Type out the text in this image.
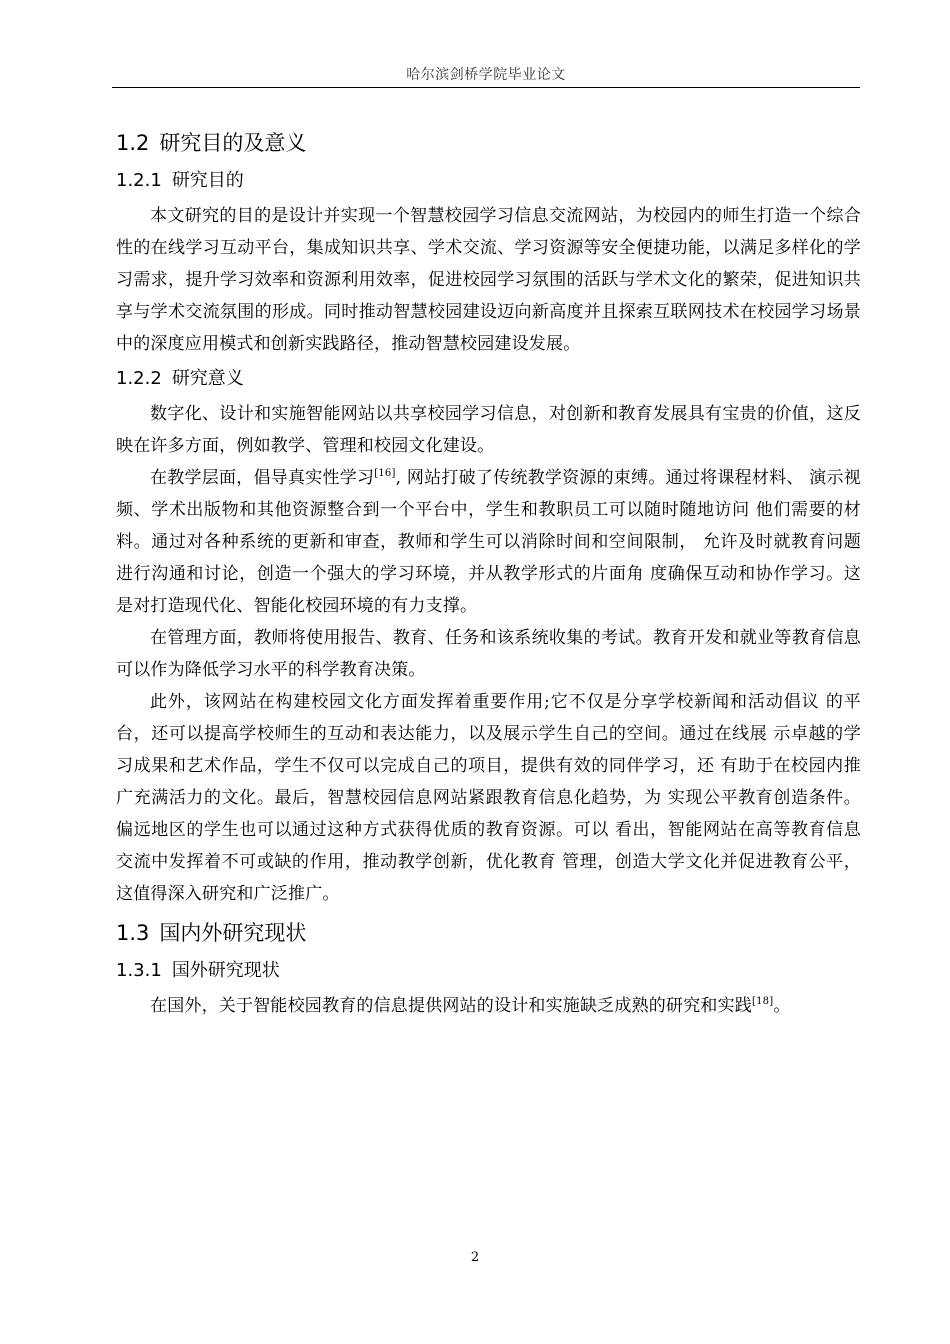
哈尔滨剑桥学院毕业论文
1.2 研究目的及意义
1.2.1 研究目的

本文研究的目的是设计并实现一个智慧校园学习信息交流网站，为校园内的师生打造一个综合性的在线学习互动平台，集成知识共享、学术交流、学习资源等安全便捷功能，以满足多样化的学习需求，提升学习效率和资源利用效率，促进校园学习氛围的活跃与学术文化的繁荣，促进知识共享与学术交流氛围的形成。同时推动智慧校园建设迈向新高度并且探索互联网技术在校园学习场景中的深度应用模式和创新实践路径，推动智慧校园建设发展。

1.2.2 研究意义

数字化、设计和实施智能网站以共享校园学习信息，对创新和教育发展具有宝贵的价值，这反映在许多方面，例如教学、管理和校园文化建设。

在教学层面，倡导真实性学习[16], 网站打破了传统教学资源的束缚。通过将课程材料、 演示视频、学术出版物和其他资源整合到一个平台中，学生和教职员工可以随时随地访问 他们需要的材料。通过对各种系统的更新和审查，教师和学生可以消除时间和空间限制， 允许及时就教育问题进行沟通和讨论，创造一个强大的学习环境，并从教学形式的片面角 度确保互动和协作学习。这是对打造现代化、智能化校园环境的有力支撑。

在管理方面，教师将使用报告、教育、任务和该系统收集的考试。教育开发和就业等教育信息可以作为降低学习水平的科学教育决策。

此外，该网站在构建校园文化方面发挥着重要作用;它不仅是分享学校新闻和活动倡议 的平台，还可以提高学校师生的互动和表达能力，以及展示学生自己的空间。通过在线展 示卓越的学习成果和艺术作品，学生不仅可以完成自己的项目，提供有效的同伴学习，还 有助于在校园内推广充满活力的文化。最后，智慧校园信息网站紧跟教育信息化趋势，为 实现公平教育创造条件。偏远地区的学生也可以通过这种方式获得优质的教育资源。可以 看出，智能网站在高等教育信息交流中发挥着不可或缺的作用，推动教学创新，优化教育 管理，创造大学文化并促进教育公平，这值得深入研究和广泛推广。

1.3 国内外研究现状
1.3.1 国外研究现状

在国外，关于智能校园教育的信息提供网站的设计和实施缺乏成熟的研究和实践[18]。

2
